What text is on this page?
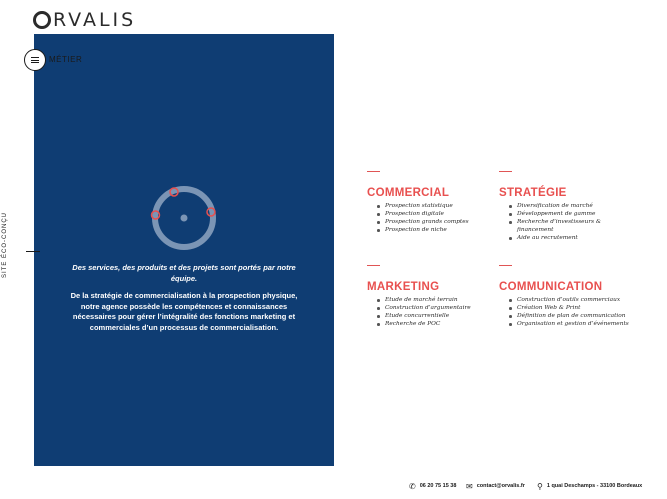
RVALIS
MÉTIER
SITE ÉCO-CONÇU	Des services, des produits et des projets sont portés par notre équipe.

De la stratégie de commercialisation à la prospection physique, notre agence possède les compétences et connaissances nécessaires pour gérer l’intégralité des fonctions marketing et commerciales d’un processus de commercialisation.

COMMERCIAL
Prospection statistique
Prospection digitale
Prospection grands comptes
Prospection de niche
STRATÉGIE
Diversification de marché
Développement de gamme
Recherche d’investisseurs & financement
Aide au recrutement
MARKETING
Etude de marché terrain
Construction d’argumentaire
Etude concurrentielle
Recherche de POC
COMMUNICATION
Construction d’outils commerciaux
Création Web & Print
Définition de plan de communication
Organisation et gestion d’événements
✆ 06 20 75 15 38 ✉ contact@orvalis.fr ⚲ 1 quai Deschamps - 33100 Bordeaux
